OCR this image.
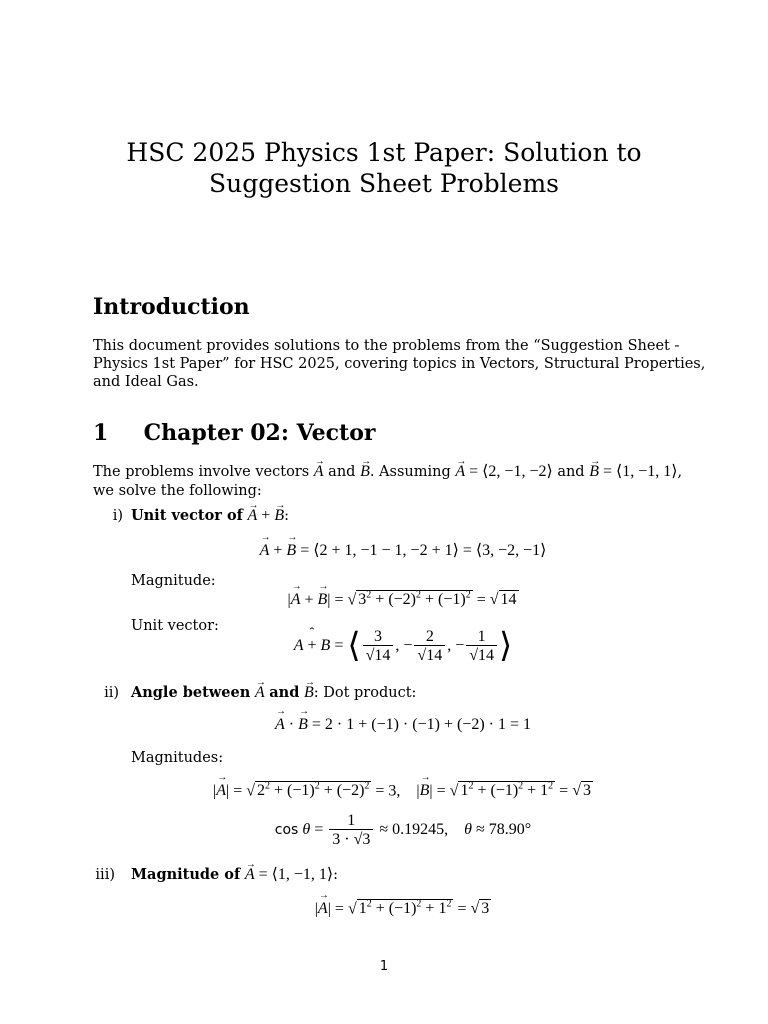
HSC 2025 Physics 1st Paper: Solution to
Suggestion Sheet Problems
Introduction
This document provides solutions to the problems from the “Suggestion Sheet -
Physics 1st Paper” for HSC 2025, covering topics in Vectors, Structural Properties,
and Ideal Gas.
1 Chapter 02: Vector
The problems involve vectors → A and → B. Assuming → A = ⟨2, −1, −2⟩ and → B = ⟨1, −1, 1⟩,
we solve the following:
i) Unit vector of → A + → B:
→ A + → B = ⟨2 + 1, −1 − 1, −2 + 1⟩ = ⟨3, −2, −1⟩
Magnitude:
|→ A + → B| = √ $3^2 + (-2)^2 + (-1)^2$ = √ 14
Unit vector:
A ˆ + B = ⟨ $\frac{3}{√14}$ , − $\frac{2}{√14}$ , − $\frac{1}{√14}$ ⟩
ii) Angle between → A and → B: Dot product:
→ A · → B = 2 · 1 + (−1) · (−1) + (−2) · 1 = 1
Magnitudes:
|→ A| = √ $2^2 + (-1)^2 + (-2)^2 = 3$,    |→ B| = √ $1^2 + (-1)^2 + 1^2$ = √ 3
$\cos \theta = \frac{1}{3 \cdot √3} \approx 0.19245$,    θ ≈ 78.90°
iii) Magnitude of → A = ⟨1, −1, 1⟩:
|→ A| = √ $1^2 + (-1)^2 + 1^2$ = √ 3
1
